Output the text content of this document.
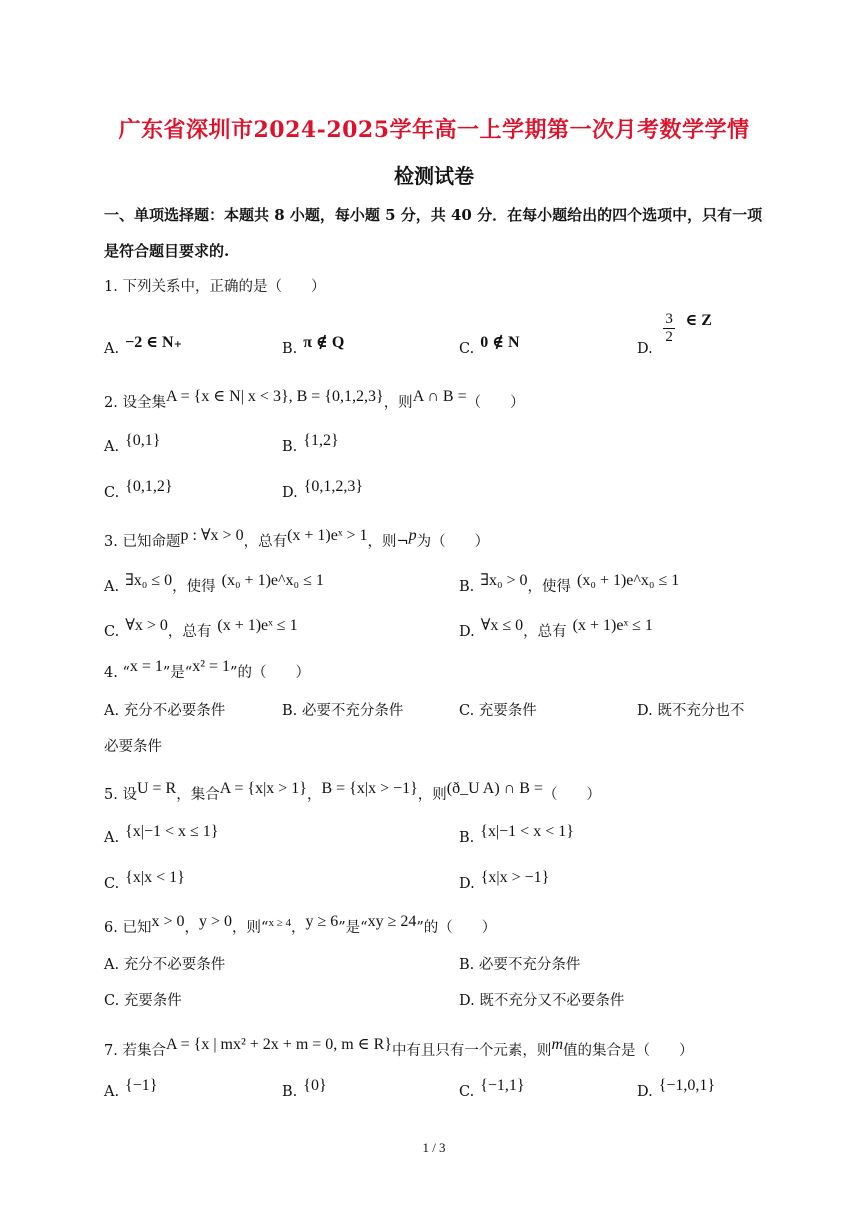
广东省深圳市2024-2025学年高一上学期第一次月考数学学情
检测试卷
一、单项选择题：本题共 8 小题，每小题 5 分，共 40 分．在每小题给出的四个选项中，只有一项
是符合题目要求的.
1. 下列关系中，正确的是（　　）
A. −2 ∈ N₊	B. π ∉ Q	C. 0 ∉ N	D.
$\frac{3}{2}$ ∈ Z
2. 设全集A = {x ∈ N| x < 3}, B = {0,1,2,3}，则A ∩ B =（　　）
A. {0,1}	B. {1,2}
C. {0,1,2}	D. {0,1,2,3}
3. 已知命题p : ∀x > 0，总有(x + 1)eˣ > 1，则¬p为（　　）
A. ∃x₀ ≤ 0，使得 (x₀ + 1)e^x₀ ≤ 1	B. ∃x₀ > 0，使得 (x₀ + 1)e^x₀ ≤ 1
C. ∀x > 0，总有 (x + 1)eˣ ≤ 1	D. ∀x ≤ 0，总有 (x + 1)eˣ ≤ 1
4. “x = 1”是“x² = 1”的（　　）
A. 充分不必要条件	B. 必要不充分条件	C. 充要条件	D. 既不充分也不
必要条件
5. 设U = R，集合A = {x|x > 1}，B = {x|x > −1}，则(ð_U A) ∩ B =（　　）
A. {x|−1 < x ≤ 1}	B. {x|−1 < x < 1}
C. {x|x < 1}	D. {x|x > −1}
6. 已知x > 0，y > 0，则“$^{x \ge 4}$，y ≥ 6”是“xy ≥ 24”的（　　）
A. 充分不必要条件	B. 必要不充分条件
C. 充要条件	D. 既不充分又不必要条件
7. 若集合A = {x | mx² + 2x + m = 0, m ∈ R}中有且只有一个元素，则m值的集合是（　　）
A. {−1}	B. {0}	C. {−1,1}	D. {−1,0,1}
1 / 3
